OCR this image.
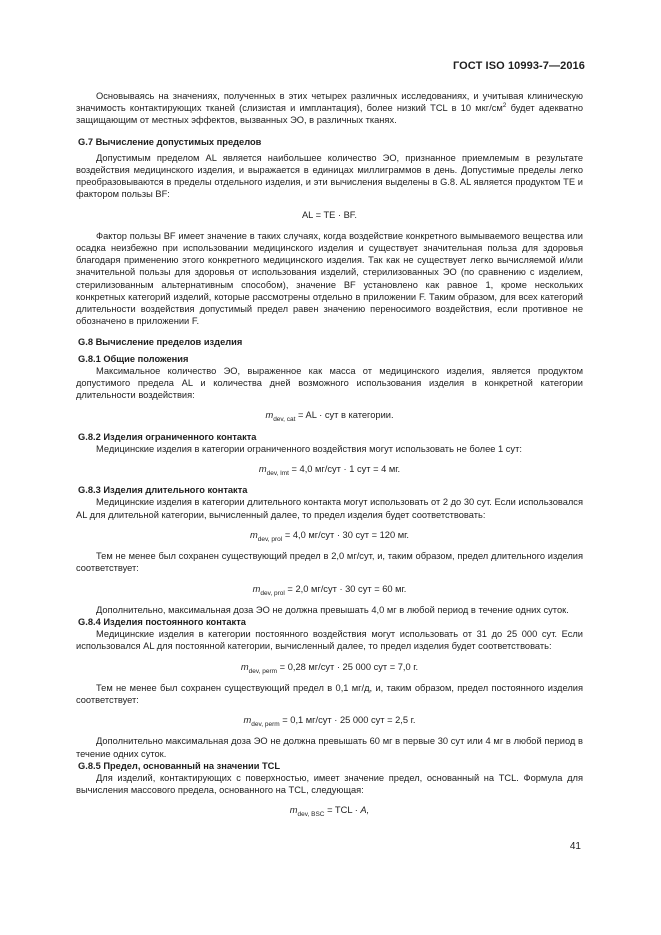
ГОСТ ISO 10993-7—2016

Основываясь на значениях, полученных в этих четырех различных исследованиях, и учитывая клиническую значимость контактирующих тканей (слизистая и имплантация), более низкий TCL в 10 мкг/$см^2$ будет адекватно защищающим от местных эффектов, вызванных ЭО, в различных тканях.

G.7 Вычисление допустимых пределов

Допустимым пределом AL является наибольшее количество ЭО, признанное приемлемым в результате воздействия медицинского изделия, и выражается в единицах миллиграммов в день. Допустимые пределы легко преобразовываются в пределы отдельного изделия, и эти вычисления выделены в G.8. AL является продуктом ТЕ и фактором пользы BF:

AL = TE · BF.

Фактор пользы BF имеет значение в таких случаях, когда воздействие конкретного вымываемого вещества или осадка неизбежно при использовании медицинского изделия и существует значительная польза для здоровья благодаря применению этого конкретного медицинского изделия. Так как не существует легко вычисляемой и/или значительной пользы для здоровья от использования изделий, стерилизованных ЭО (по сравнению с изделием, стерилизованным альтернативным способом), значение BF установлено как равное 1, кроме нескольких конкретных категорий изделий, которые рассмотрены отдельно в приложении F. Таким образом, для всех категорий длительности воздействия допустимый предел равен значению переносимого воздействия, если противное не обозначено в приложении F.

G.8 Вычисление пределов изделия

G.8.1 Общие положения

Максимальное количество ЭО, выраженное как масса от медицинского изделия, является продуктом допустимого предела AL и количества дней возможного использования изделия в конкретной категории длительности воздействия:

$m_{dev, cat}$ = AL · сут в категории.

G.8.2 Изделия ограниченного контакта

Медицинские изделия в категории ограниченного воздействия могут использовать не более 1 сут:

$m_{dev, lmt} = 4,0$ мг/сут · 1 сут = 4 мг.

G.8.3 Изделия длительного контакта

Медицинские изделия в категории длительного контакта могут использовать от 2 до 30 сут. Если использовался AL для длительной категории, вычисленный далее, то предел изделия будет соответствовать:

$m_{dev, prol} = 4,0$ мг/сут · 30 сут = 120 мг.

Тем не менее был сохранен существующий предел в 2,0 мг/сут, и, таким образом, предел длительного изделия соответствует:

$m_{dev, prol} = 2,0$ мг/сут · 30 сут = 60 мг.

Дополнительно, максимальная доза ЭО не должна превышать 4,0 мг в любой период в течение одних суток.

G.8.4 Изделия постоянного контакта

Медицинские изделия в категории постоянного воздействия могут использовать от 31 до 25 000 сут. Если использовался AL для постоянной категории, вычисленный далее, то предел изделия будет соответствовать:

$m_{dev, perm} = 0,28$ мг/сут · 25 000 сут = 7,0 г.

Тем не менее был сохранен существующий предел в 0,1 мг/д, и, таким образом, предел постоянного изделия соответствует:

$m_{dev, perm} = 0,1$ мг/сут · 25 000 сут = 2,5 г.

Дополнительно максимальная доза ЭО не должна превышать 60 мг в первые 30 сут или 4 мг в любой период в течение одних суток.

G.8.5 Предел, основанный на значении TCL

Для изделий, контактирующих с поверхностью, имеет значение предел, основанный на TCL. Формула для вычисления массового предела, основанного на TCL, следующая:

$m_{dev, BSC}$ = TCL · A,

41
